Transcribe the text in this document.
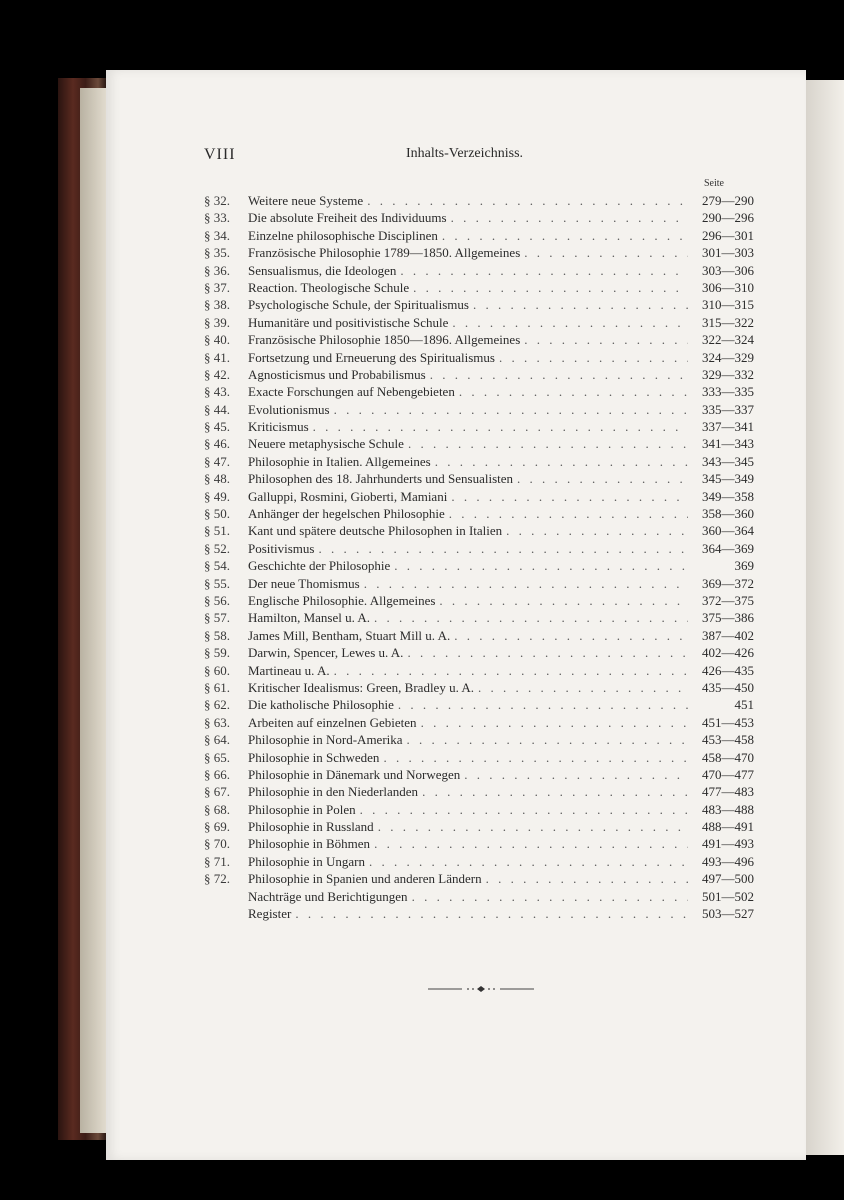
VIII	Inhalts-Verzeichniss.
Seite
§ 32.	Weitere neue Systeme . . .	279—290
§ 33.	Die absolute Freiheit des Individuums . . .	290—296
§ 34.	Einzelne philosophische Disciplinen . . .	296—301
§ 35.	Französische Philosophie 1789—1850. Allgemeines . . .	301—303
§ 36.	Sensualismus, die Ideologen . . .	303—306
§ 37.	Reaction. Theologische Schule . . .	306—310
§ 38.	Psychologische Schule, der Spiritualismus . . .	310—315
§ 39.	Humanitäre und positivistische Schule . . .	315—322
§ 40.	Französische Philosophie 1850—1896. Allgemeines . . .	322—324
§ 41.	Fortsetzung und Erneuerung des Spiritualismus . . .	324—329
§ 42.	Agnosticismus und Probabilismus . . .	329—332
§ 43.	Exacte Forschungen auf Nebengebieten . . .	333—335
§ 44.	Evolutionismus . . .	335—337
§ 45.	Kriticismus . . .	337—341
§ 46.	Neuere metaphysische Schule . . .	341—343
§ 47.	Philosophie in Italien. Allgemeines . . .	343—345
§ 48.	Philosophen des 18. Jahrhunderts und Sensualisten . . .	345—349
§ 49.	Galluppi, Rosmini, Gioberti, Mamiani . . .	349—358
§ 50.	Anhänger der hegelschen Philosophie . . .	358—360
§ 51.	Kant und spätere deutsche Philosophen in Italien . . .	360—364
§ 52.	Positivismus . . .	364—369
§ 54.	Geschichte der Philosophie . . .	369
§ 55.	Der neue Thomismus . . .	369—372
§ 56.	Englische Philosophie. Allgemeines . . .	372—375
§ 57.	Hamilton, Mansel u. A. . . .	375—386
§ 58.	James Mill, Bentham, Stuart Mill u. A. . . .	387—402
§ 59.	Darwin, Spencer, Lewes u. A. . . .	402—426
§ 60.	Martineau u. A. . . .	426—435
§ 61.	Kritischer Idealismus: Green, Bradley u. A. . . .	435—450
§ 62.	Die katholische Philosophie . . .	451
§ 63.	Arbeiten auf einzelnen Gebieten . . .	451—453
§ 64.	Philosophie in Nord-Amerika . . .	453—458
§ 65.	Philosophie in Schweden . . .	458—470
§ 66.	Philosophie in Dänemark und Norwegen . . .	470—477
§ 67.	Philosophie in den Niederlanden . . .	477—483
§ 68.	Philosophie in Polen . . .	483—488
§ 69.	Philosophie in Russland . . .	488—491
§ 70.	Philosophie in Böhmen . . .	491—493
§ 71.	Philosophie in Ungarn . . .	493—496
§ 72.	Philosophie in Spanien und anderen Ländern . . .	497—500
Nachträge und Berichtigungen . . .	501—502
Register . . .	503—527
